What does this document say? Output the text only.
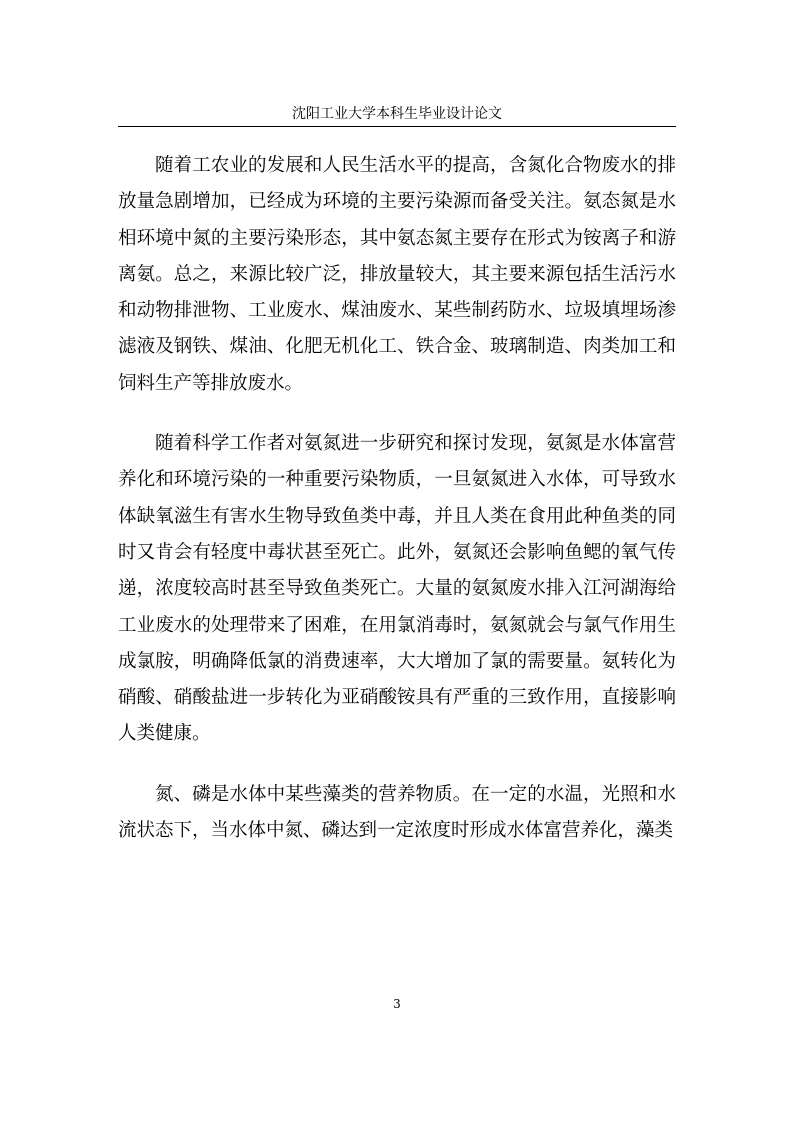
沈阳工业大学本科生毕业设计论文

随着工农业的发展和人民生活水平的提高，含氮化合物废水的排放量急剧增加，已经成为环境的主要污染源而备受关注。氨态氮是水相环境中氮的主要污染形态，其中氨态氮主要存在形式为铵离子和游离氨。总之，来源比较广泛，排放量较大，其主要来源包括生活污水和动物排泄物、工业废水、煤油废水、某些制药防水、垃圾填埋场渗滤液及钢铁、煤油、化肥无机化工、铁合金、玻璃制造、肉类加工和饲料生产等排放废水。

随着科学工作者对氨氮进一步研究和探讨发现，氨氮是水体富营养化和环境污染的一种重要污染物质，一旦氨氮进入水体，可导致水体缺氧滋生有害水生物导致鱼类中毒，并且人类在食用此种鱼类的同时又肯会有轻度中毒状甚至死亡。此外，氨氮还会影响鱼鳃的氧气传递，浓度较高时甚至导致鱼类死亡。大量的氨氮废水排入江河湖海给工业废水的处理带来了困难，在用氯消毒时，氨氮就会与氯气作用生成氯胺，明确降低氯的消费速率，大大增加了氯的需要量。氨转化为硝酸、硝酸盐进一步转化为亚硝酸铵具有严重的三致作用，直接影响人类健康。

氮、磷是水体中某些藻类的营养物质。在一定的水温，光照和水流状态下，当水体中氮、磷达到一定浓度时形成水体富营养化，藻类

3
